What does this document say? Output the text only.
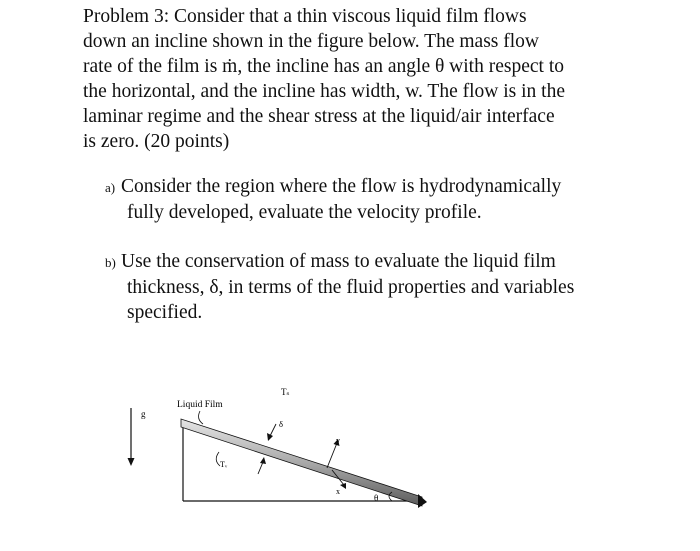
Problem 3: Consider that a thin viscous liquid film flows
down an incline shown in the figure below. The mass flow
rate of the film is ṁ, the incline has an angle θ with respect to
the horizontal, and the incline has width, w. The flow is in the
laminar regime and the shear stress at the liquid/air interface
is zero. (20 points)
a) Consider the region where the flow is hydrodynamically
fully developed, evaluate the velocity profile.
b) Use the conservation of mass to evaluate the liquid film
thickness, δ, in terms of the fluid properties and variables
specified.
g
Liquid Film
Tₛ
δ
Tᵥ
y
x
θ
